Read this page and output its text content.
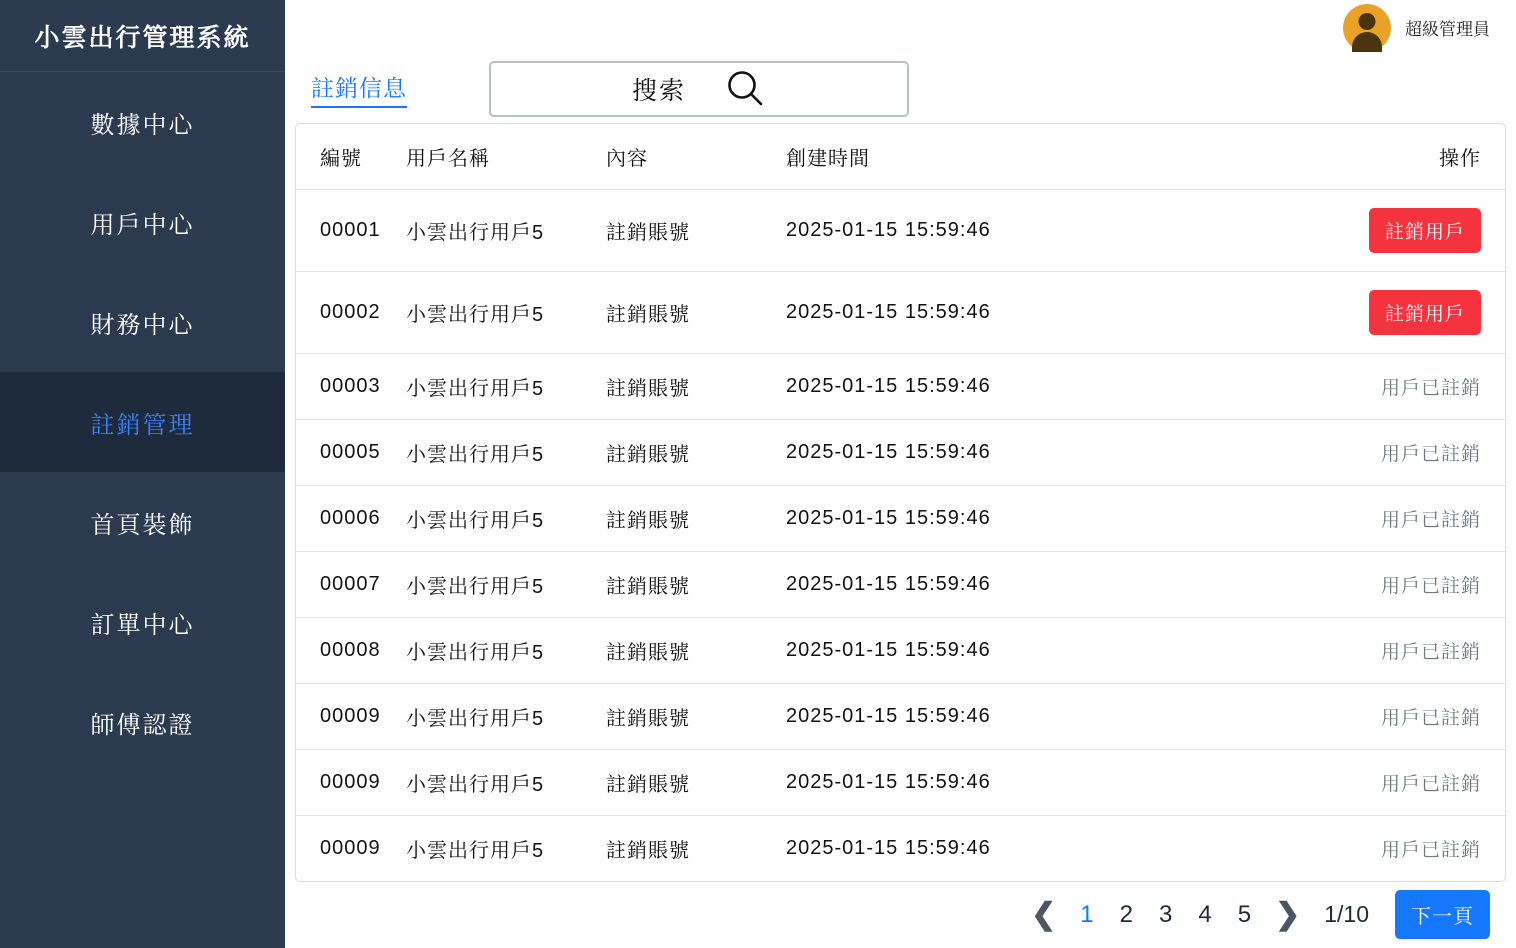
小雲出行管理系統
數據中心
用戶中心
財務中心
註銷管理
首頁裝飾
訂單中心
師傅認證
超級管理員
註銷信息	搜索
編號	用戶名稱	內容	創建時間	操作
00001	小雲出行用戶5	註銷賬號	2025-01-15 15:59:46	註銷用戶
00002	小雲出行用戶5	註銷賬號	2025-01-15 15:59:46	註銷用戶
00003	小雲出行用戶5	註銷賬號	2025-01-15 15:59:46	用戶已註銷
00005	小雲出行用戶5	註銷賬號	2025-01-15 15:59:46	用戶已註銷
00006	小雲出行用戶5	註銷賬號	2025-01-15 15:59:46	用戶已註銷
00007	小雲出行用戶5	註銷賬號	2025-01-15 15:59:46	用戶已註銷
00008	小雲出行用戶5	註銷賬號	2025-01-15 15:59:46	用戶已註銷
00009	小雲出行用戶5	註銷賬號	2025-01-15 15:59:46	用戶已註銷
00009	小雲出行用戶5	註銷賬號	2025-01-15 15:59:46	用戶已註銷
00009	小雲出行用戶5	註銷賬號	2025-01-15 15:59:46	用戶已註銷
❮ 1 2 3 4 5 ❯ 1/10	下一頁
